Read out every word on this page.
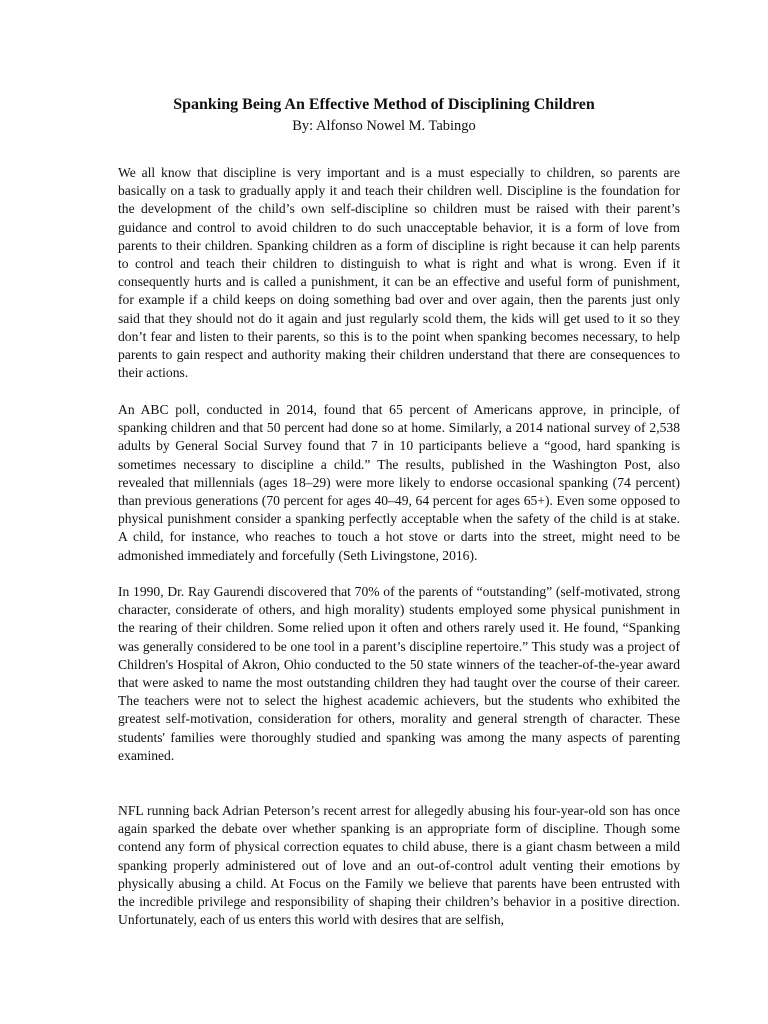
Spanking Being An Effective Method of Disciplining Children

By: Alfonso Nowel M. Tabingo

We all know that discipline is very important and is a must especially to children, so parents are basically on a task to gradually apply it and teach their children well. Discipline is the foundation for the development of the child’s own self-discipline so children must be raised with their parent’s guidance and control to avoid children to do such unacceptable behavior, it is a form of love from parents to their children. Spanking children as a form of discipline is right because it can help parents to control and teach their children to distinguish to what is right and what is wrong. Even if it consequently hurts and is called a punishment, it can be an effective and useful form of punishment, for example if a child keeps on doing something bad over and over again, then the parents just only said that they should not do it again and just regularly scold them, the kids will get used to it so they don’t fear and listen to their parents, so this is to the point when spanking becomes necessary, to help parents to gain respect and authority making their children understand that there are consequences to their actions.

An ABC poll, conducted in 2014, found that 65 percent of Americans approve, in principle, of spanking children and that 50 percent had done so at home. Similarly, a 2014 national survey of 2,538 adults by General Social Survey found that 7 in 10 participants believe a “good, hard spanking is sometimes necessary to discipline a child.” The results, published in the Washington Post, also revealed that millennials (ages 18–29) were more likely to endorse occasional spanking (74 percent) than previous generations (70 percent for ages 40–49, 64 percent for ages 65+). Even some opposed to physical punishment consider a spanking perfectly acceptable when the safety of the child is at stake. A child, for instance, who reaches to touch a hot stove or darts into the street, might need to be admonished immediately and forcefully (Seth Livingstone, 2016).

In 1990, Dr. Ray Gaurendi discovered that 70% of the parents of “outstanding” (self-motivated, strong character, considerate of others, and high morality) students employed some physical punishment in the rearing of their children. Some relied upon it often and others rarely used it. He found, “Spanking was generally considered to be one tool in a parent’s discipline repertoire.” This study was a project of Children's Hospital of Akron, Ohio conducted to the 50 state winners of the teacher-of-the-year award that were asked to name the most outstanding children they had taught over the course of their career. The teachers were not to select the highest academic achievers, but the students who exhibited the greatest self-motivation, consideration for others, morality and general strength of character. These students' families were thoroughly studied and spanking was among the many aspects of parenting examined.

NFL running back Adrian Peterson’s recent arrest for allegedly abusing his four-year-old son has once again sparked the debate over whether spanking is an appropriate form of discipline. Though some contend any form of physical correction equates to child abuse, there is a giant chasm between a mild spanking properly administered out of love and an out-of-control adult venting their emotions by physically abusing a child. At Focus on the Family we believe that parents have been entrusted with the incredible privilege and responsibility of shaping their children’s behavior in a positive direction. Unfortunately, each of us enters this world with desires that are selfish,
